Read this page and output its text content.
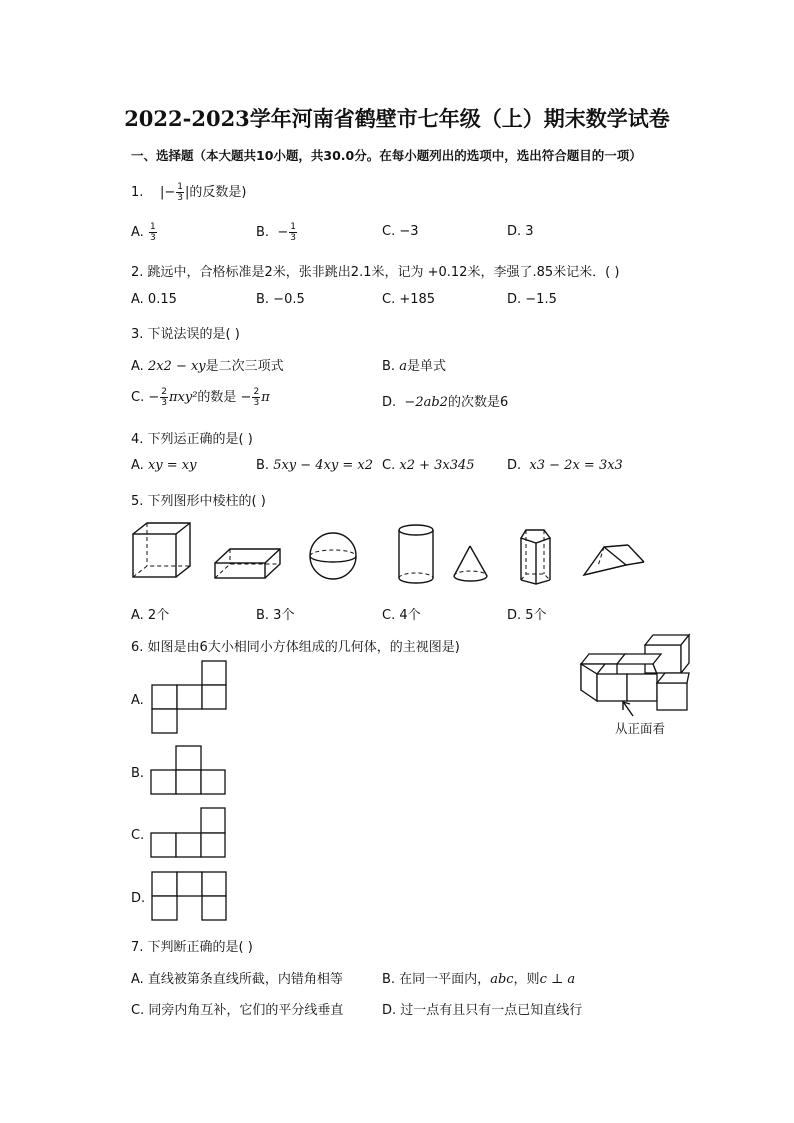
2022-2023学年河南省鹤壁市七年级（上）期末数学试卷
一、选择题（本大题共10小题，共30.0分。在每小题列出的选项中，选出符合题目的一项）
1. |− $\frac{1}{3}$ |的反数是)
A. $\frac{1}{3}$	B. − $\frac{1}{3}$	C. −3	D. 3
2. 跳远中，合格标准是2米，张非跳出2.1米，记为 +0.12米，李强了.85米记米．( )
A. 0.15	B. −0.5	C. +185	D. −1.5
3. 下说法误的是( )
A. 2x2 − xy是二次三项式	B. a是单式
C. − $\frac{2}{3} \pi xy^2$的数是 − $\frac{2}{3}$ π	D. −2ab2的次数是6
4. 下列运正确的是( )
A. xy = xy	B. 5xy − 4xy = x2 C. x2 + 3x345 D. x3 − 2x = 3x3
5. 下列图形中棱柱的( )
A. 2个	B. 3个	C. 4个	D. 5个
6. 如图是由6大小相同小方体组成的几何体，的主视图是)
从正面看
A.
B.
C.
D.
7. 下判断正确的是( )
A. 直线被第条直线所截，内错角相等	B. 在同一平面内，abc，则c ⊥ a
C. 同旁内角互补，它们的平分线垂直	D. 过一点有且只有一点已知直线行
